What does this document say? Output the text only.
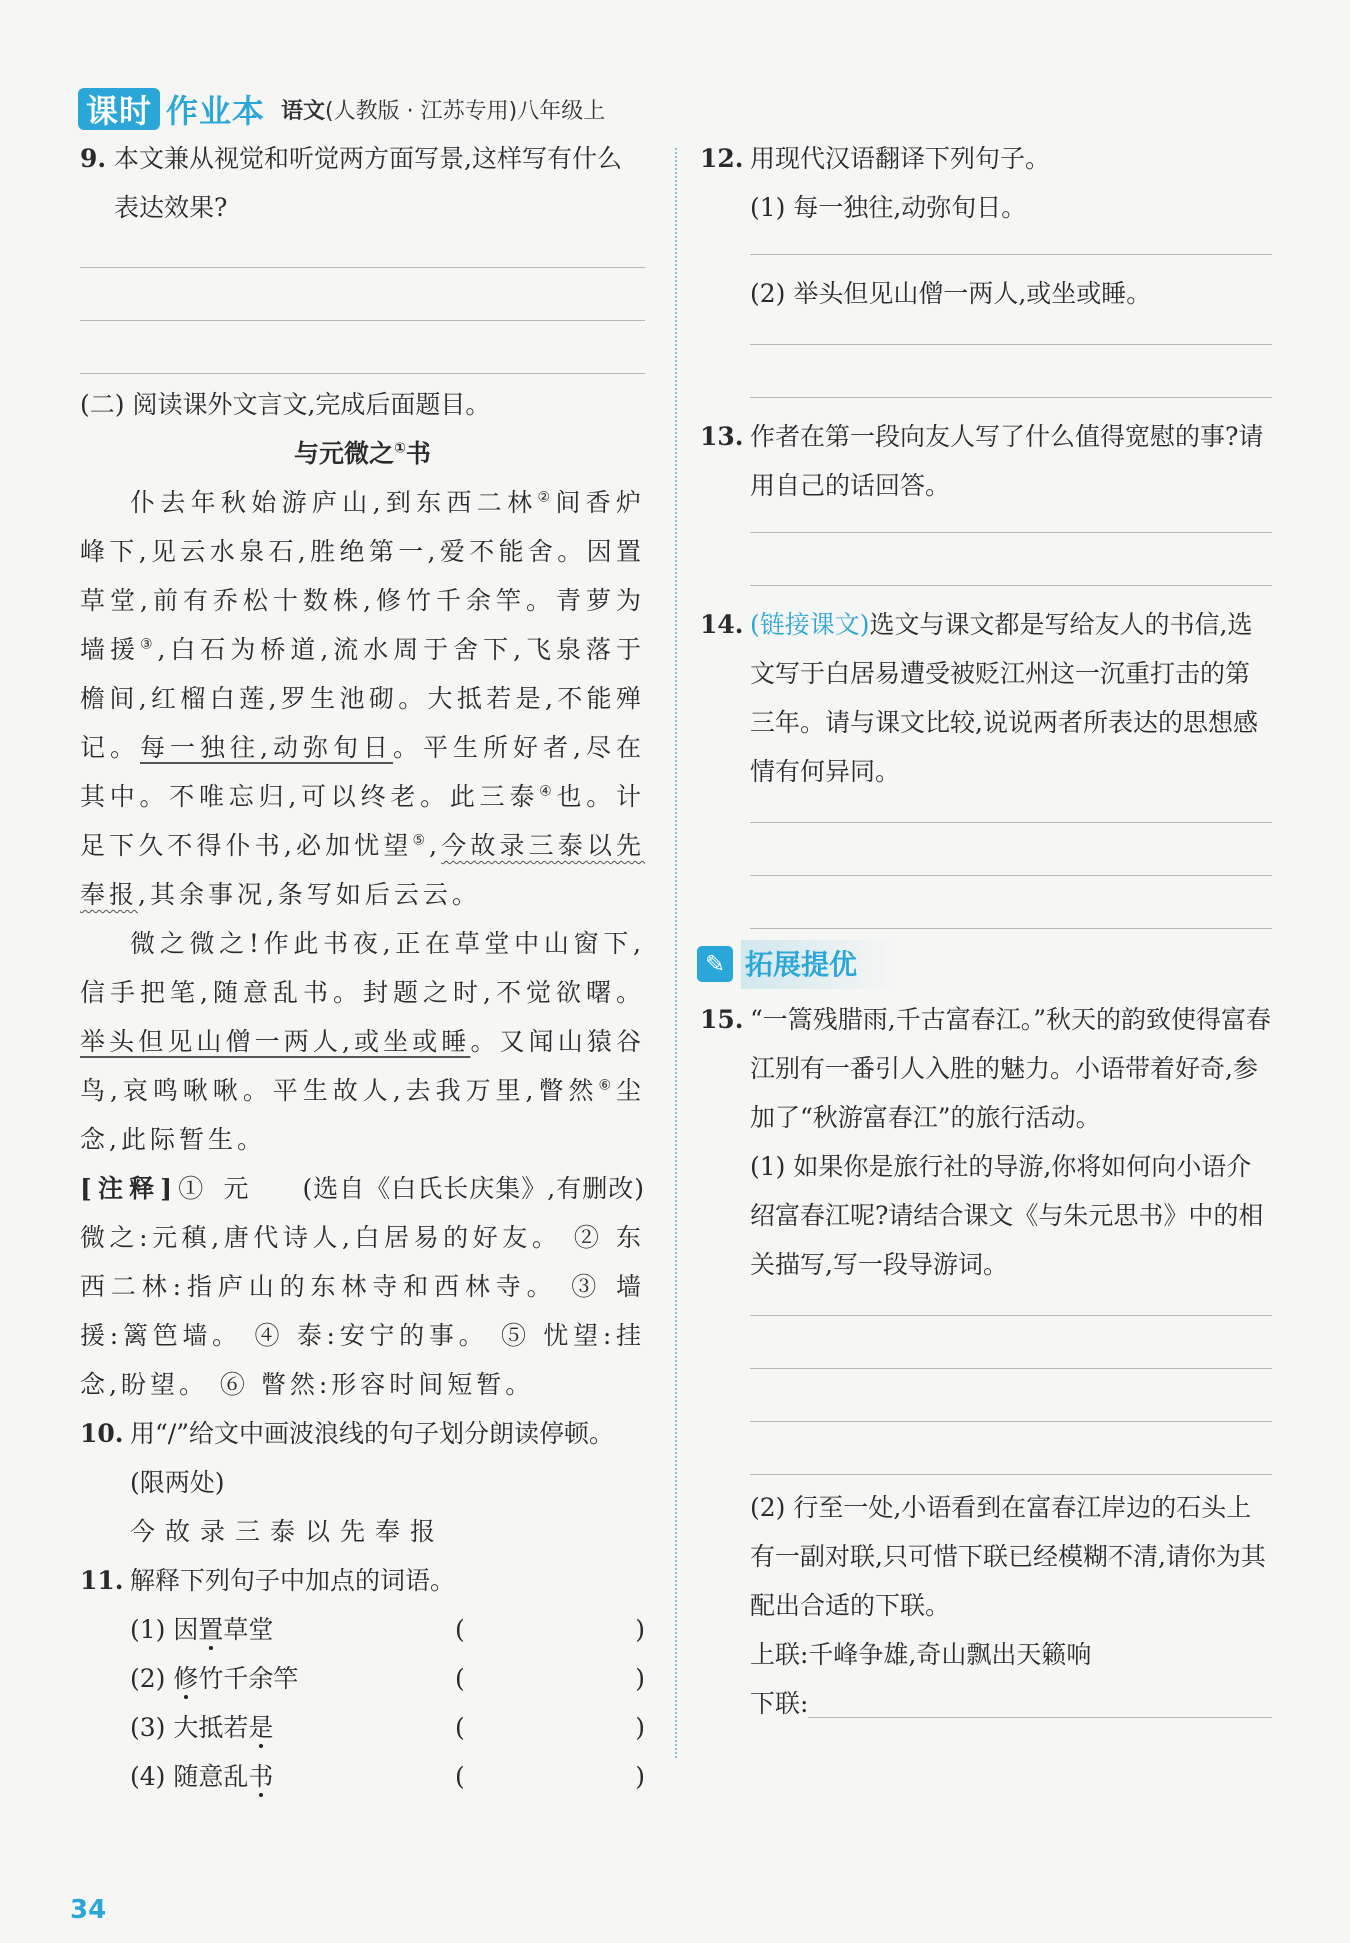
课时 作业本 语文(人教版 · 江苏专用)八年级上
9. 本文兼从视觉和听觉两方面写景,这样写有什么表达效果?
(二) 阅读课外文言文,完成后面题目。
与元微之①书

仆去年秋始游庐山,到东西二林②间香炉峰下,见云水泉石,胜绝第一,爱不能舍。因置草堂,前有乔松十数株,修竹千余竿。青萝为墙援③,白石为桥道,流水周于舍下,飞泉落于檐间,红榴白莲,罗生池砌。大抵若是,不能殚记。每一独往,动弥旬日。平生所好者,尽在其中。不唯忘归,可以终老。此三泰④也。计足下久不得仆书,必加忧望⑤,今故录三泰以先奉报,其余事况,条写如后云云。

微之微之!作此书夜,正在草堂中山窗下,信手把笔,随意乱书。封题之时,不觉欲曙。举头但见山僧一两人,或坐或睡。又闻山猿谷鸟,哀鸣啾啾。平生故人,去我万里,瞥然⑥尘念,此际暂生。
(选自《白氏长庆集》,有删改)

[注释]① 元微之:元稹,唐代诗人,白居易的好友。 ② 东西二林:指庐山的东林寺和西林寺。 ③ 墙援:篱笆墙。 ④ 泰:安宁的事。 ⑤ 忧望:挂念,盼望。 ⑥ 瞥然:形容时间短暂。

10. 用“/”给文中画波浪线的句子划分朗读停顿。(限两处)
今故录三泰以先奉报
11. 解释下列句子中加点的词语。
(1) 因置草堂	(	)
(2) 修竹千余竿	(	)
(3) 大抵若是	(	)
(4) 随意乱书	(	)
12. 用现代汉语翻译下列句子。
(1) 每一独往,动弥旬日。
(2) 举头但见山僧一两人,或坐或睡。
13. 作者在第一段向友人写了什么值得宽慰的事?请用自己的话回答。
14. (链接课文)选文与课文都是写给友人的书信,选文写于白居易遭受被贬江州这一沉重打击的第三年。请与课文比较,说说两者所表达的思想感情有何异同。
✎ 拓展提优
15. “一篙残腊雨,千古富春江。”秋天的韵致使得富春江别有一番引人入胜的魅力。小语带着好奇,参加了“秋游富春江”的旅行活动。
(1) 如果你是旅行社的导游,你将如何向小语介绍富春江呢?请结合课文《与朱元思书》中的相关描写,写一段导游词。
(2) 行至一处,小语看到在富春江岸边的石头上有一副对联,只可惜下联已经模糊不清,请你为其配出合适的下联。
上联:千峰争雄,奇山飘出天籁响
下联:
34
